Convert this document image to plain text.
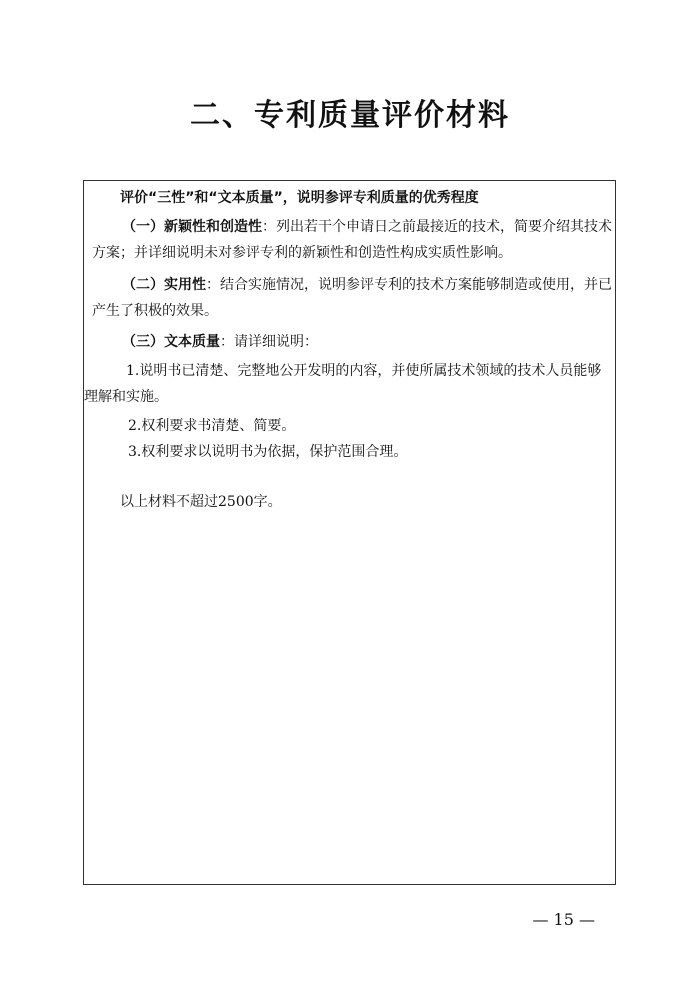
二、专利质量评价材料
评价“三性”和“文本质量”，说明参评专利质量的优秀程度
（一）新颖性和创造性：列出若干个申请日之前最接近的技术，简要介绍其技术
方案；并详细说明未对参评专利的新颖性和创造性构成实质性影响。
（二）实用性：结合实施情况，说明参评专利的技术方案能够制造或使用，并已
产生了积极的效果。
（三）文本质量：请详细说明：
1.说明书已清楚、完整地公开发明的内容，并使所属技术领域的技术人员能够
理解和实施。
2.权利要求书清楚、简要。
3.权利要求以说明书为依据，保护范围合理。
以上材料不超过2500字。
— 15 —
